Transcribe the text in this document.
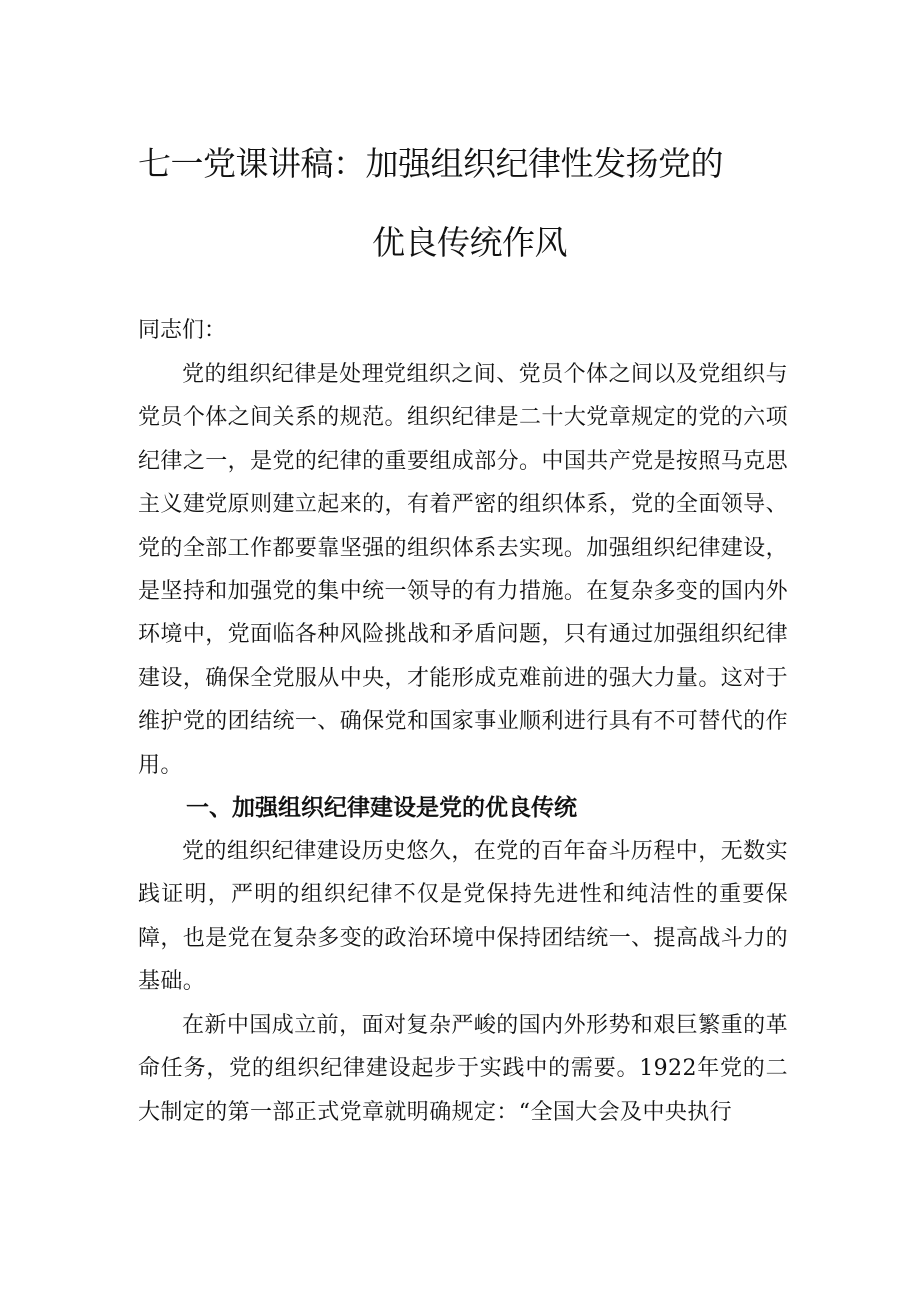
七一党课讲稿：加强组织纪律性发扬党的
优良传统作风

同志们：

党的组织纪律是处理党组织之间、党员个体之间以及党组织与党员个体之间关系的规范。组织纪律是二十大党章规定的党的六项纪律之一，是党的纪律的重要组成部分。中国共产党是按照马克思主义建党原则建立起来的，有着严密的组织体系，党的全面领导、党的全部工作都要靠坚强的组织体系去实现。加强组织纪律建设，是坚持和加强党的集中统一领导的有力措施。在复杂多变的国内外环境中，党面临各种风险挑战和矛盾问题，只有通过加强组织纪律建设，确保全党服从中央，才能形成克难前进的强大力量。这对于维护党的团结统一、确保党和国家事业顺利进行具有不可替代的作用。

一、加强组织纪律建设是党的优良传统

党的组织纪律建设历史悠久，在党的百年奋斗历程中，无数实践证明，严明的组织纪律不仅是党保持先进性和纯洁性的重要保障，也是党在复杂多变的政治环境中保持团结统一、提高战斗力的基础。

在新中国成立前，面对复杂严峻的国内外形势和艰巨繁重的革命任务，党的组织纪律建设起步于实践中的需要。1922年党的二大制定的第一部正式党章就明确规定：“全国大会及中央执行
